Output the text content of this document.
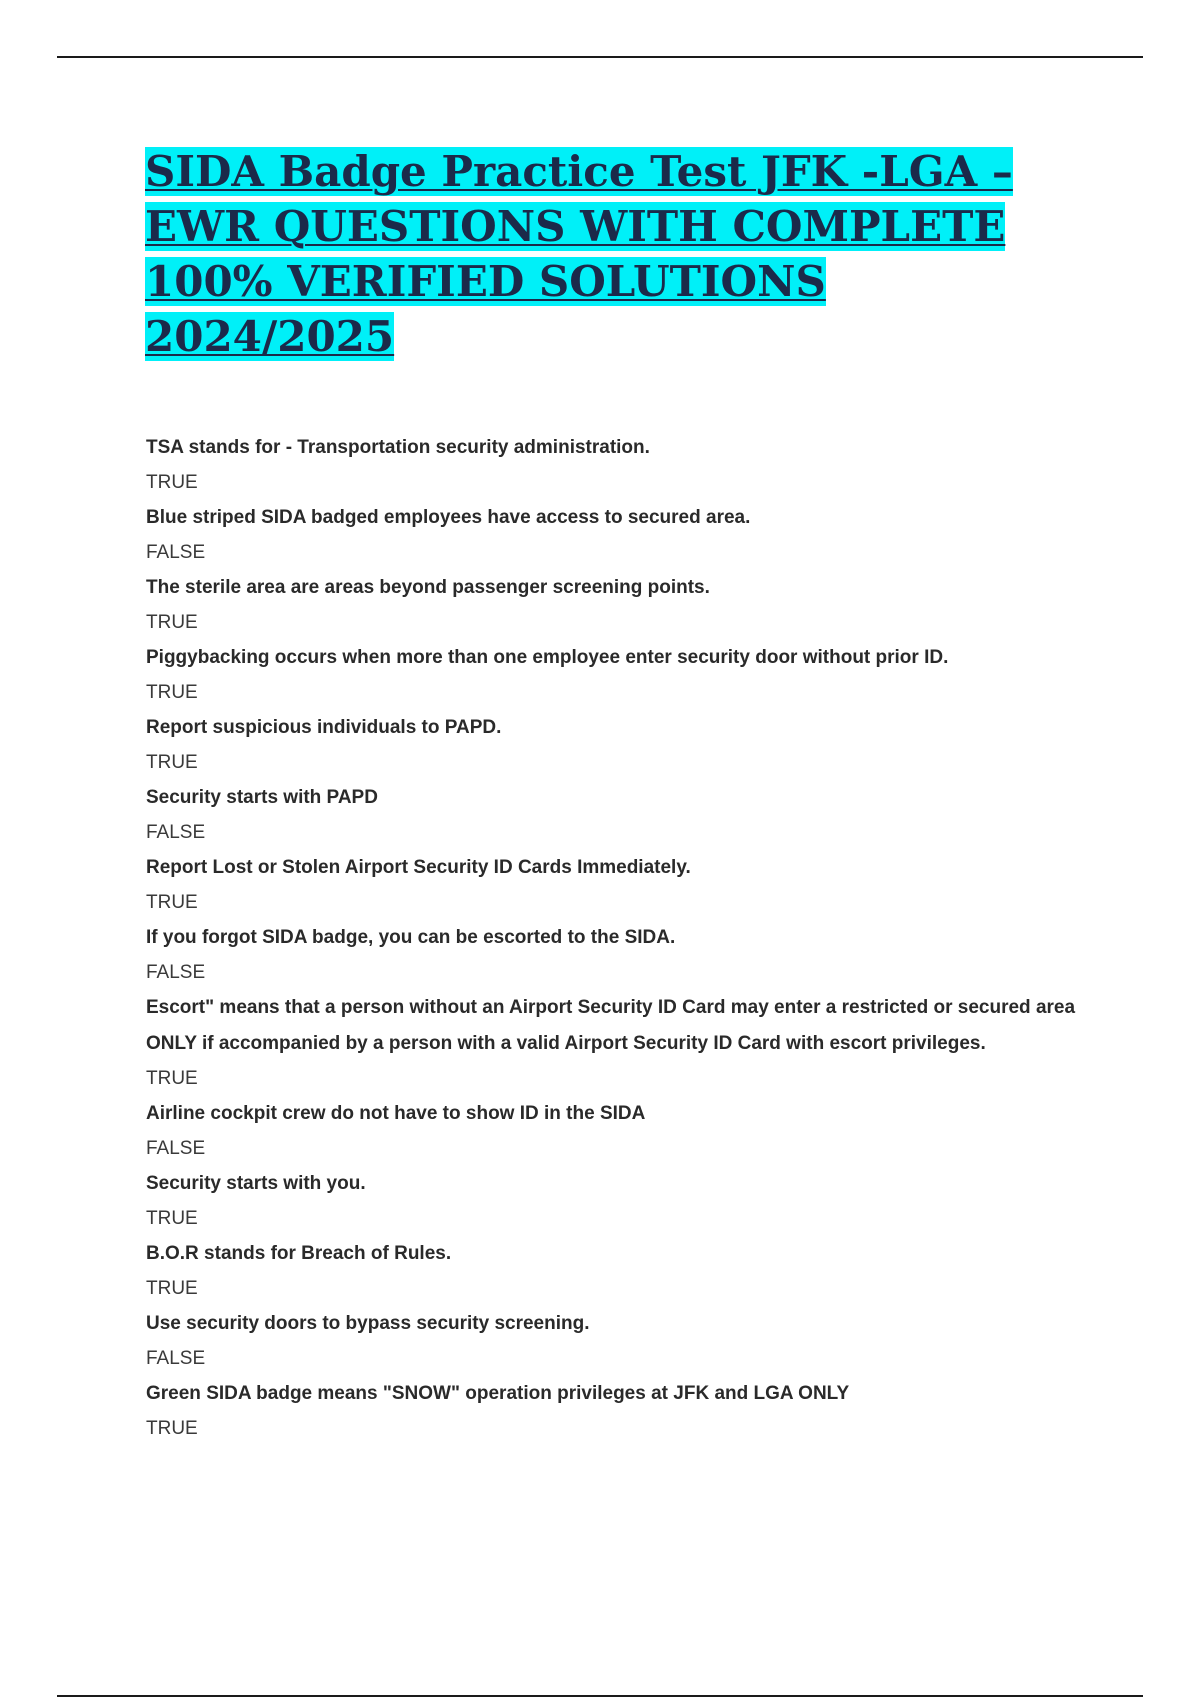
SIDA Badge Practice Test JFK -LGA – EWR QUESTIONS WITH COMPLETE 100% VERIFIED SOLUTIONS 2024/2025

TSA stands for - Transportation security administration.

TRUE

Blue striped SIDA badged employees have access to secured area.

FALSE

The sterile area are areas beyond passenger screening points.

TRUE

Piggybacking occurs when more than one employee enter security door without prior ID.

TRUE

Report suspicious individuals to PAPD.

TRUE

Security starts with PAPD

FALSE

Report Lost or Stolen Airport Security ID Cards Immediately.

TRUE

If you forgot SIDA badge, you can be escorted to the SIDA.

FALSE

Escort" means that a person without an Airport Security ID Card may enter a restricted or secured area ONLY if accompanied by a person with a valid Airport Security ID Card with escort privileges.

TRUE

Airline cockpit crew do not have to show ID in the SIDA

FALSE

Security starts with you.

TRUE

B.O.R stands for Breach of Rules.

TRUE

Use security doors to bypass security screening.

FALSE

Green SIDA badge means "SNOW" operation privileges at JFK and LGA ONLY

TRUE
